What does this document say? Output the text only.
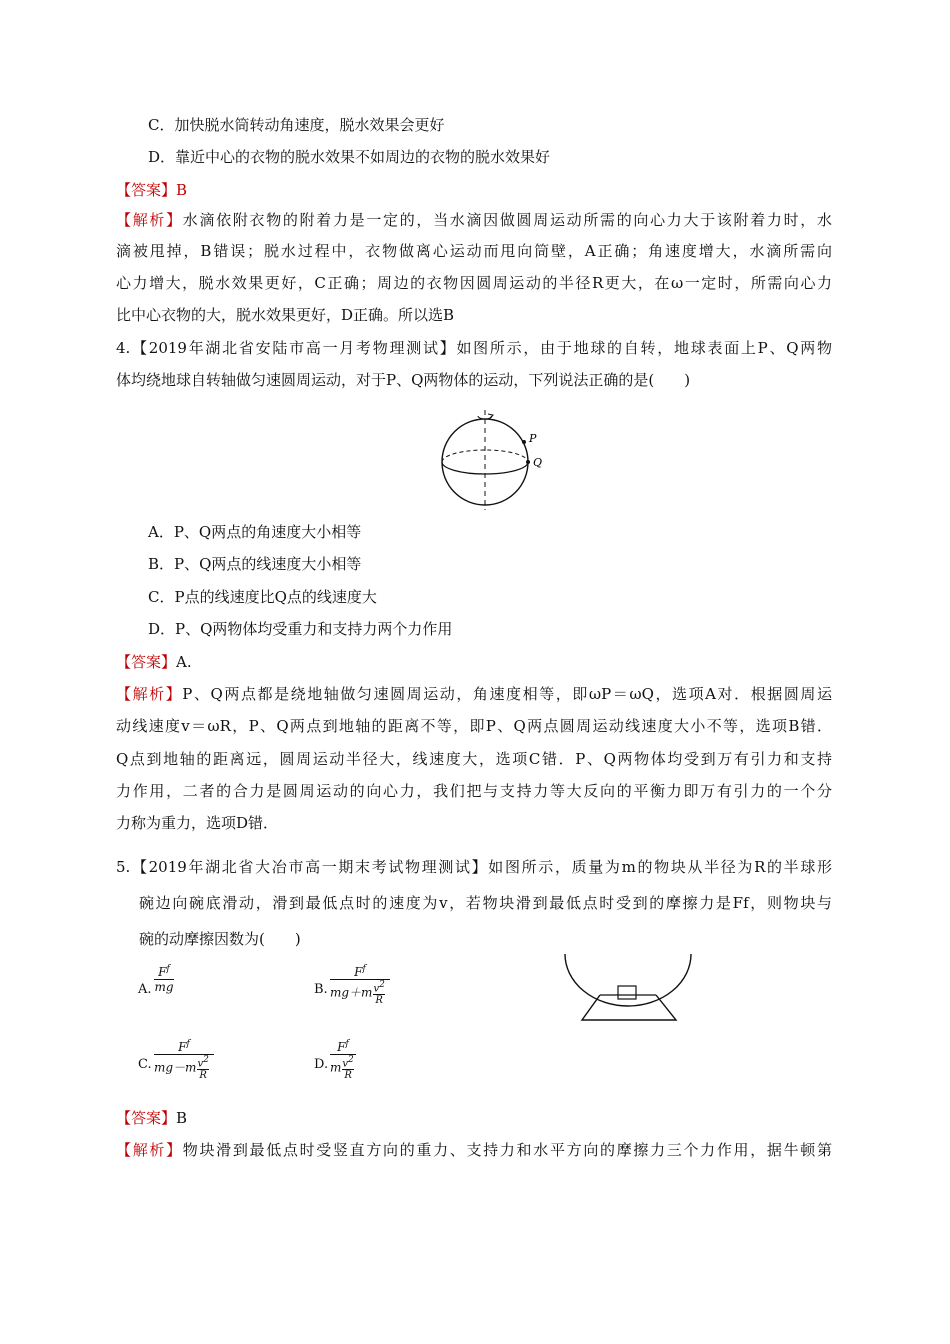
C．加快脱水筒转动角速度，脱水效果会更好
D．靠近中心的衣物的脱水效果不如周边的衣物的脱水效果好
【答案】B
【解析】水滴依附衣物的附着力是一定的，当水滴因做圆周运动所需的向心力大于该附着力时，水
滴被甩掉，B错误；脱水过程中，衣物做离心运动而甩向筒壁，A正确；角速度增大，水滴所需向
心力增大，脱水效果更好，C正确；周边的衣物因圆周运动的半径R更大，在ω一定时，所需向心力
比中心衣物的大，脱水效果更好，D正确。所以选B
4.【2019年湖北省安陆市高一月考物理测试】如图所示，由于地球的自转，地球表面上P、Q两物
体均绕地球自转轴做匀速圆周运动，对于P、Q两物体的运动，下列说法正确的是(　　)
P
Q
A．P、Q两点的角速度大小相等
B．P、Q两点的线速度大小相等
C．P点的线速度比Q点的线速度大
D．P、Q两物体均受重力和支持力两个力作用
【答案】A.
【解析】P、Q两点都是绕地轴做匀速圆周运动，角速度相等，即ωP＝ωQ，选项A对．根据圆周运
动线速度v＝ωR，P、Q两点到地轴的距离不等，即P、Q两点圆周运动线速度大小不等，选项B错．
Q点到地轴的距离远，圆周运动半径大，线速度大，选项C错．P、Q两物体均受到万有引力和支持
力作用，二者的合力是圆周运动的向心力，我们把与支持力等大反向的平衡力即万有引力的一个分
力称为重力，选项D错．
5.【2019年湖北省大冶市高一期末考试物理测试】如图所示，质量为m的物块从半径为R的半球形
碗边向碗底滑动，滑到最低点时的速度为v，若物块滑到最低点时受到的摩擦力是Ff，则物块与
碗的动摩擦因数为(　　)
A.
$F^f$
mg	B.
$F^f$
$mg+m \frac{v^2}{R}$
C.
$F^f$
$mg-m \frac{v^2}{R}$	D.
$F^f$
m $\frac{v^2}{R}$
【答案】B
【解析】物块滑到最低点时受竖直方向的重力、支持力和水平方向的摩擦力三个力作用，据牛顿第
